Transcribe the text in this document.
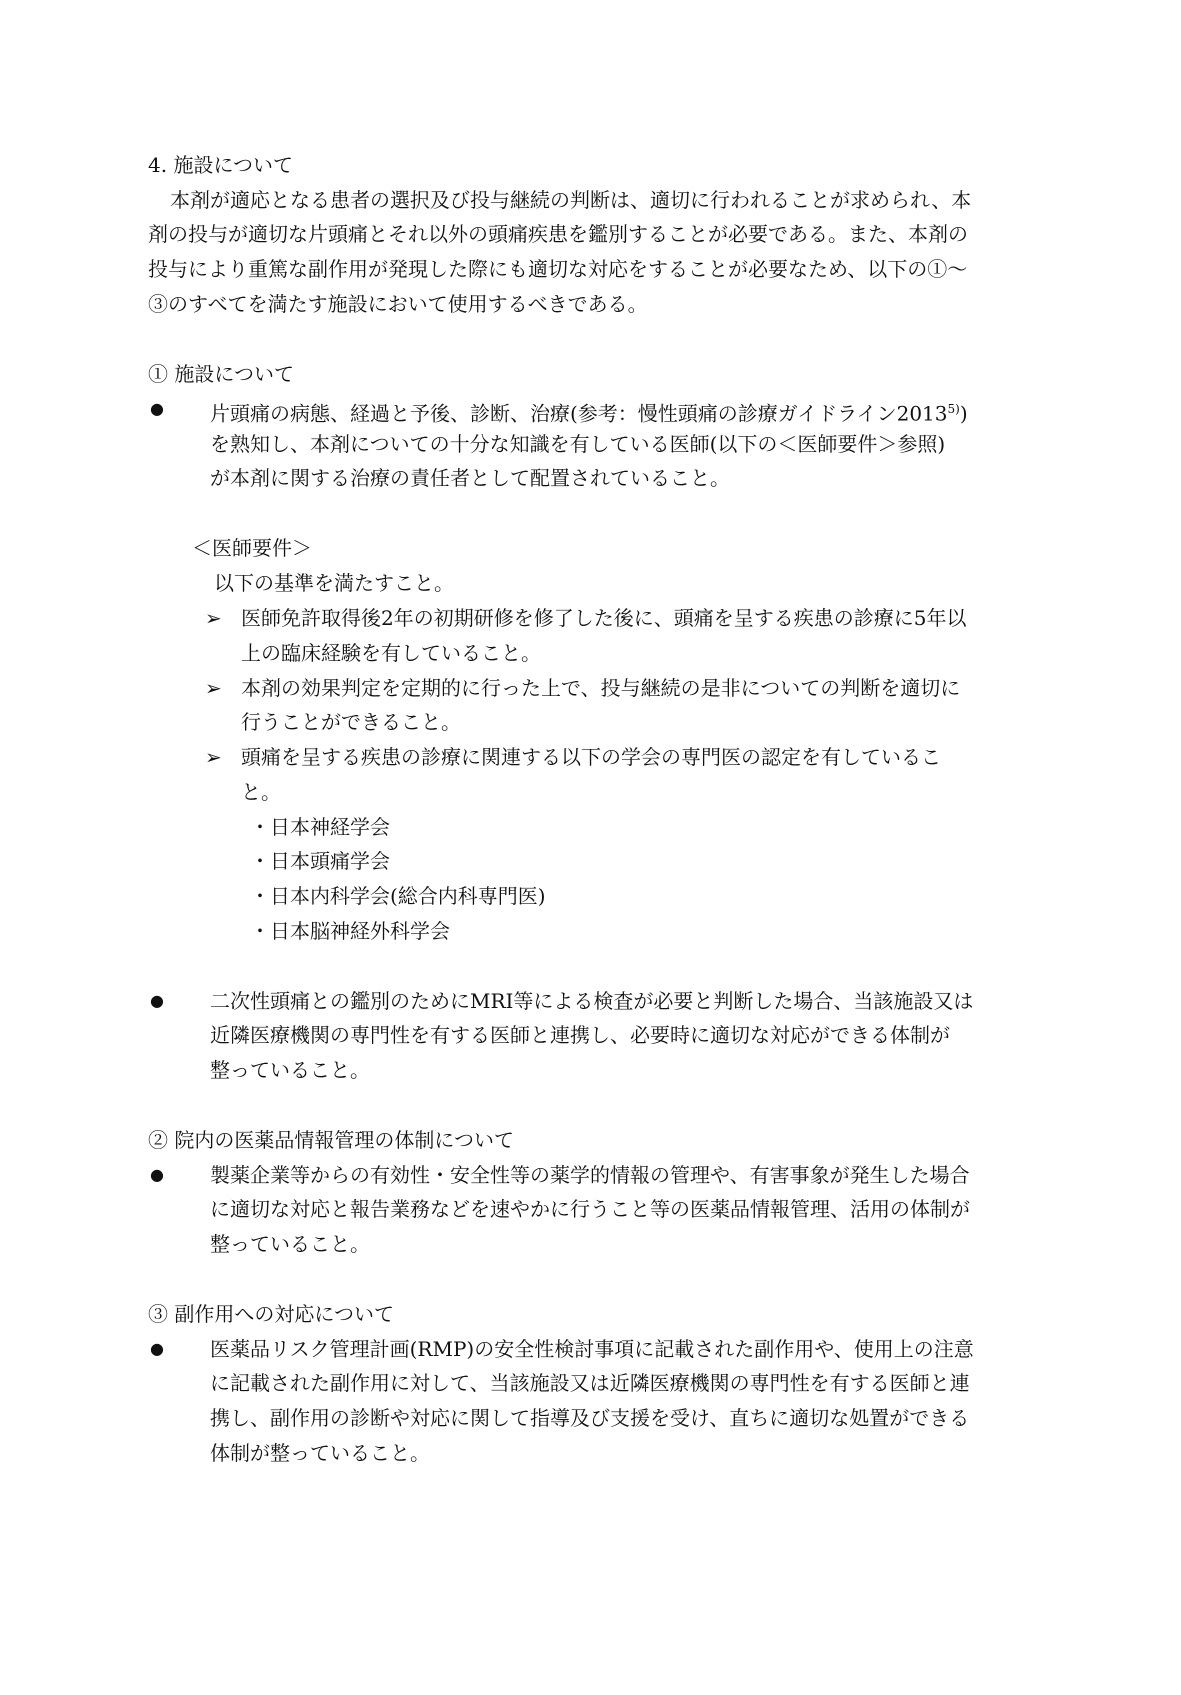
4. 施設について
本剤が適応となる患者の選択及び投与継続の判断は、適切に行われることが求められ、本
剤の投与が適切な片頭痛とそれ以外の頭痛疾患を鑑別することが必要である。また、本剤の
投与により重篤な副作用が発現した際にも適切な対応をすることが必要なため、以下の①～
③のすべてを満たす施設において使用するべきである。
① 施設について
● 片頭痛の病態、経過と予後、診断、治療(参考：慢性頭痛の診療ガイドライン2013$^{5)}$)
を熟知し、本剤についての十分な知識を有している医師(以下の＜医師要件＞参照)
が本剤に関する治療の責任者として配置されていること。
＜医師要件＞
以下の基準を満たすこと。
➢ 医師免許取得後2年の初期研修を修了した後に、頭痛を呈する疾患の診療に5年以
上の臨床経験を有していること。
➢ 本剤の効果判定を定期的に行った上で、投与継続の是非についての判断を適切に
行うことができること。
➢ 頭痛を呈する疾患の診療に関連する以下の学会の専門医の認定を有しているこ
と。
・日本神経学会
・日本頭痛学会
・日本内科学会(総合内科専門医)
・日本脳神経外科学会
● 二次性頭痛との鑑別のためにMRI等による検査が必要と判断した場合、当該施設又は
近隣医療機関の専門性を有する医師と連携し、必要時に適切な対応ができる体制が
整っていること。
② 院内の医薬品情報管理の体制について
● 製薬企業等からの有効性・安全性等の薬学的情報の管理や、有害事象が発生した場合
に適切な対応と報告業務などを速やかに行うこと等の医薬品情報管理、活用の体制が
整っていること。
③ 副作用への対応について
● 医薬品リスク管理計画(RMP)の安全性検討事項に記載された副作用や、使用上の注意
に記載された副作用に対して、当該施設又は近隣医療機関の専門性を有する医師と連
携し、副作用の診断や対応に関して指導及び支援を受け、直ちに適切な処置ができる
体制が整っていること。
